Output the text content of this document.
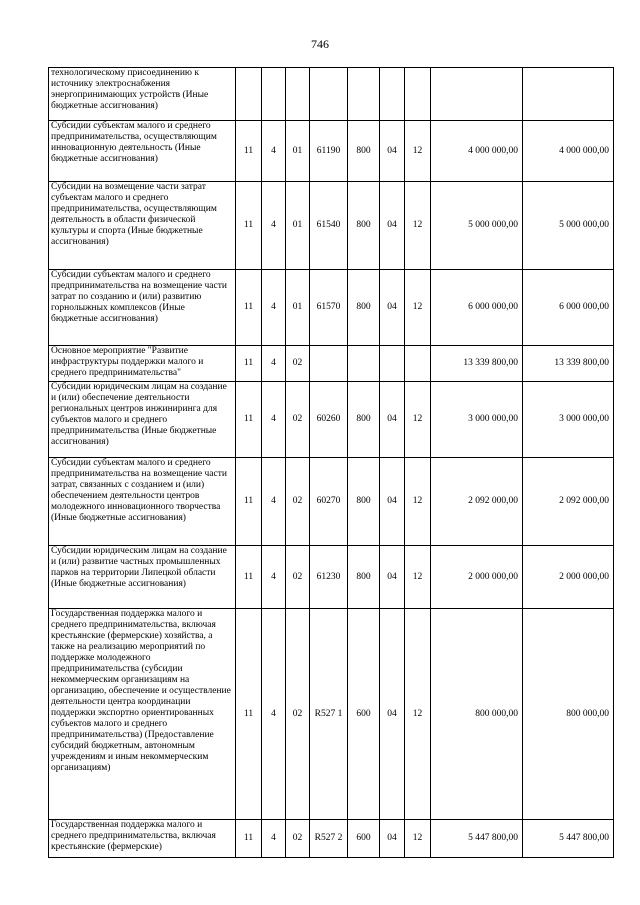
746
технологическому присоединению к источнику электроснабжения энергопринимающих устройств (Иные бюджетные ассигнования)									
Субсидии субъектам малого и среднего предпринимательства, осуществляющим инновационную деятельность (Иные бюджетные ассигнования)	11	4	01	61190	800	04	12	4 000 000,00	4 000 000,00
Субсидии на возмещение части затрат субъектам малого и среднего предпринимательства, осуществляющим деятельность в области физической культуры и спорта (Иные бюджетные ассигнования)	11	4	01	61540	800	04	12	5 000 000,00	5 000 000,00
Субсидии субъектам малого и среднего предпринимательства на возмещение части затрат по созданию и (или) развитию горнолыжных комплексов (Иные бюджетные ассигнования)	11	4	01	61570	800	04	12	6 000 000,00	6 000 000,00
Основное мероприятие "Развитие инфраструктуры поддержки малого и среднего предпринимательства"	11	4	02					13 339 800,00	13 339 800,00
Субсидии юридическим лицам на создание и (или) обеспечение деятельности региональных центров инжиниринга для субъектов малого и среднего предпринимательства (Иные бюджетные ассигнования)	11	4	02	60260	800	04	12	3 000 000,00	3 000 000,00
Субсидии субъектам малого и среднего предпринимательства на возмещение части затрат, связанных с созданием и (или) обеспечением деятельности центров молодежного инновационного творчества (Иные бюджетные ассигнования)	11	4	02	60270	800	04	12	2 092 000,00	2 092 000,00
Субсидии юридическим лицам на создание и (или) развитие частных промышленных парков на территории Липецкой области (Иные бюджетные ассигнования)	11	4	02	61230	800	04	12	2 000 000,00	2 000 000,00
Государственная поддержка малого и среднего предпринимательства, включая крестьянские (фермерские) хозяйства, а также на реализацию мероприятий по поддержке молодежного предпринимательства (субсидии некоммерческим организациям на организацию, обеспечение и осуществление деятельности центра координации поддержки экспортно ориентированных субъектов малого и среднего предпринимательства) (Предоставление субсидий бюджетным, автономным учреждениям и иным некоммерческим организациям)	11	4	02	R527 1	600	04	12	800 000,00	800 000,00
Государственная поддержка малого и среднего предпринимательства, включая крестьянские (фермерские)	11	4	02	R527 2	600	04	12	5 447 800,00	5 447 800,00
